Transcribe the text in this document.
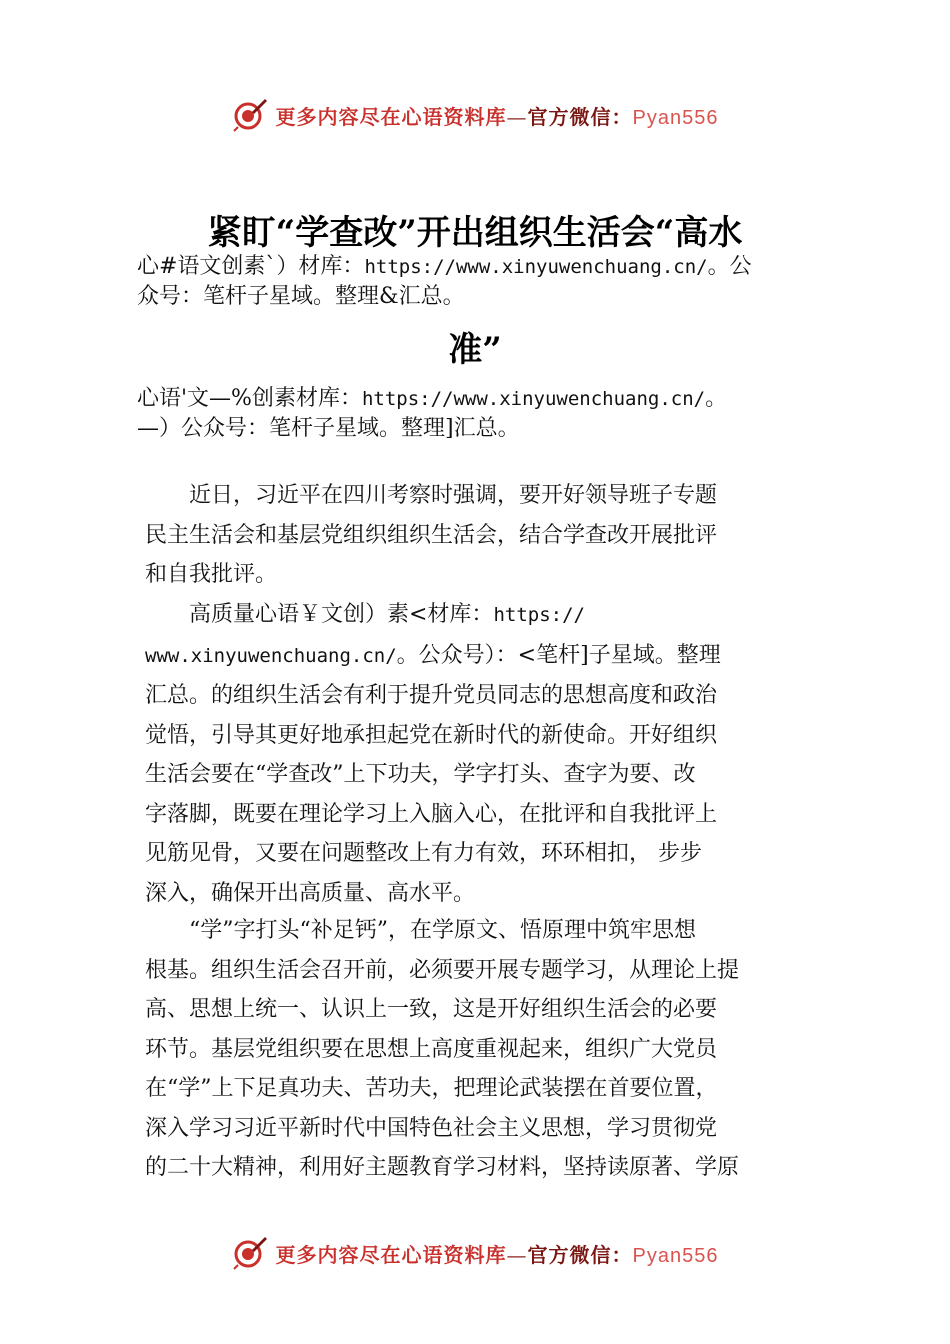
更多内容尽在心语资料库—官方微信：Pyan556
紧盯“学查改”开出组织生活会“高水
心#语文创素`）材库：https://www.xinyuwenchuang.cn/。公
众号：笔杆子星域。整理&汇总。
准”
心语'文—%创素材库：https://www.xinyuwenchuang.cn/。
—）公众号：笔杆子星域。整理]汇总。
　　近日，习近平在四川考察时强调，要开好领导班子专题
民主生活会和基层党组织组织生活会，结合学查改开展批评
和自我批评。
　　高质量心语￥文创）素<材库：https://
www.xinyuwenchuang.cn/。公众号）：<笔杆]子星域。整理
汇总。的组织生活会有利于提升党员同志的思想高度和政治
觉悟，引导其更好地承担起党在新时代的新使命。开好组织
生活会要在“学查改”上下功夫，学字打头、查字为要、改
字落脚，既要在理论学习上入脑入心，在批评和自我批评上
见筋见骨，又要在问题整改上有力有效，环环相扣， 步步
深入，确保开出高质量、高水平。
　　“学”字打头“补足钙”，在学原文、悟原理中筑牢思想
根基。组织生活会召开前，必须要开展专题学习，从理论上提
高、思想上统一、认识上一致，这是开好组织生活会的必要
环节。基层党组织要在思想上高度重视起来，组织广大党员
在“学”上下足真功夫、苦功夫，把理论武装摆在首要位置，
深入学习习近平新时代中国特色社会主义思想，学习贯彻党
的二十大精神，利用好主题教育学习材料，坚持读原著、学原
更多内容尽在心语资料库—官方微信：Pyan556
